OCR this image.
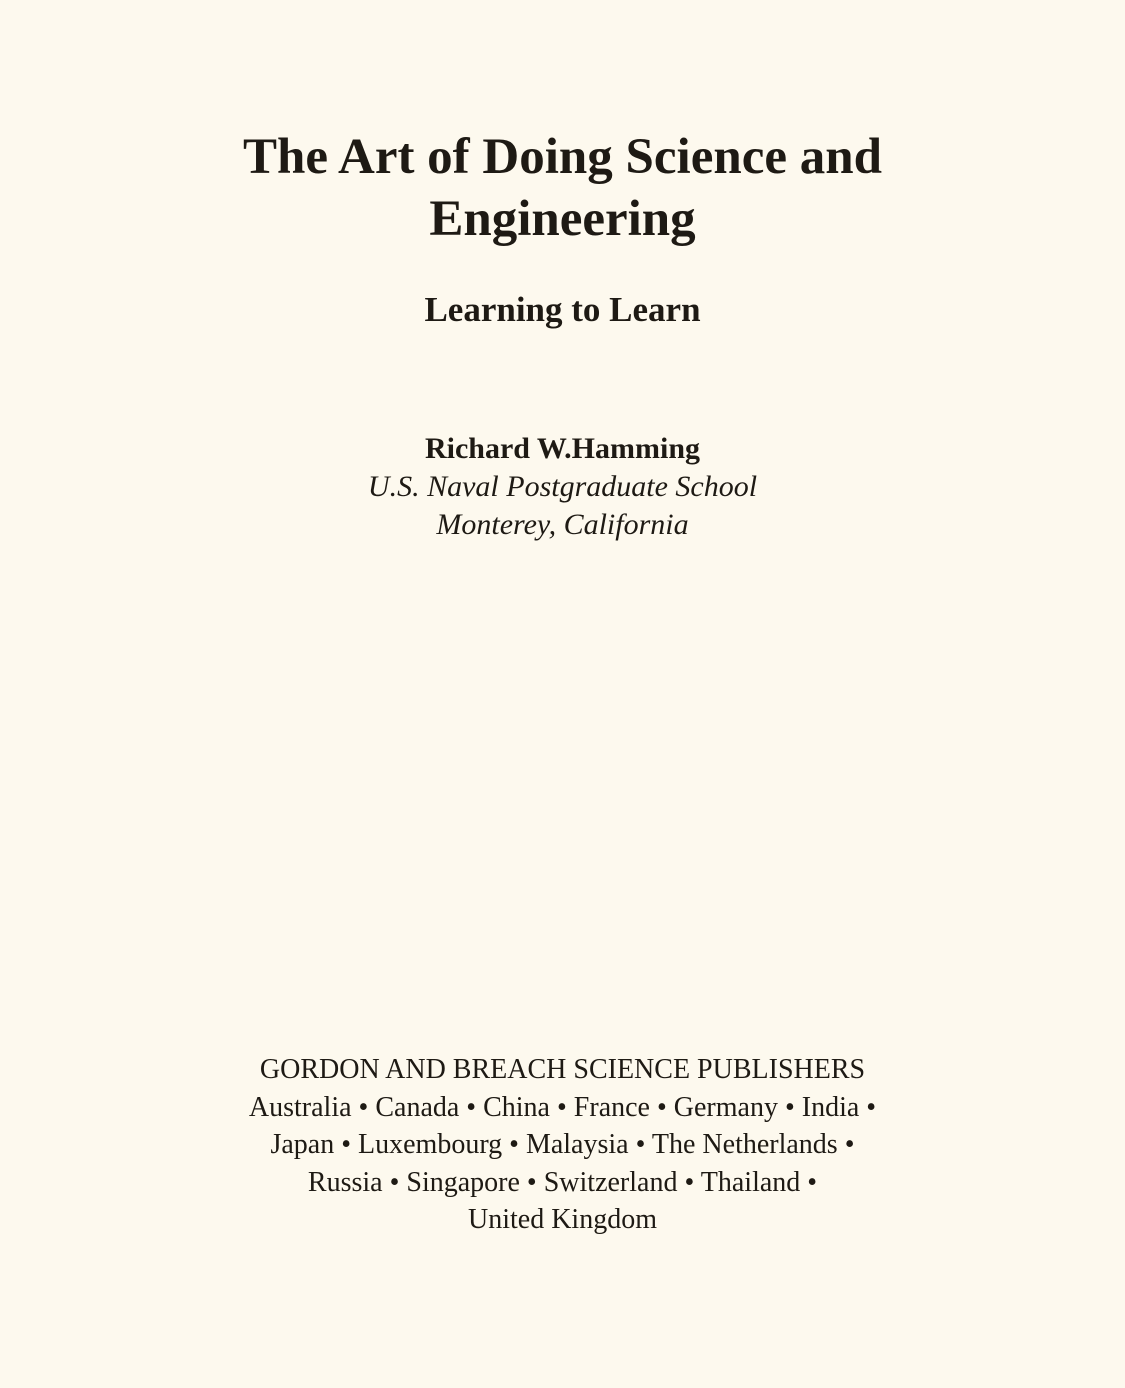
The Art of Doing Science and
Engineering
Learning to Learn
Richard W.Hamming
U.S. Naval Postgraduate School
Monterey, California
GORDON AND BREACH SCIENCE PUBLISHERS
Australia • Canada • China • France • Germany • India •
Japan • Luxembourg • Malaysia • The Netherlands •
Russia • Singapore • Switzerland • Thailand •
United Kingdom
